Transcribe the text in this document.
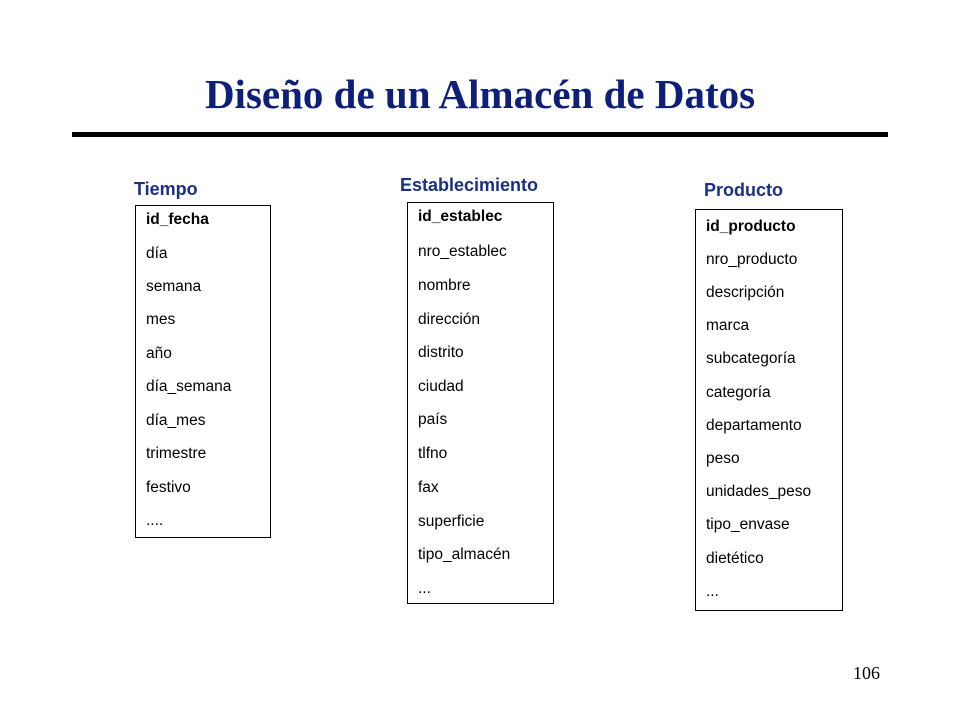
Diseño de un Almacén de Datos
Tiempo
id_fecha
día
semana
mes
año
día_semana
día_mes
trimestre
festivo
....
Establecimiento
id_establec
nro_establec
nombre
dirección
distrito
ciudad
país
tlfno
fax
superficie
tipo_almacén
...
Producto
id_producto
nro_producto
descripción
marca
subcategoría
categoría
departamento
peso
unidades_peso
tipo_envase
dietético
...
106
